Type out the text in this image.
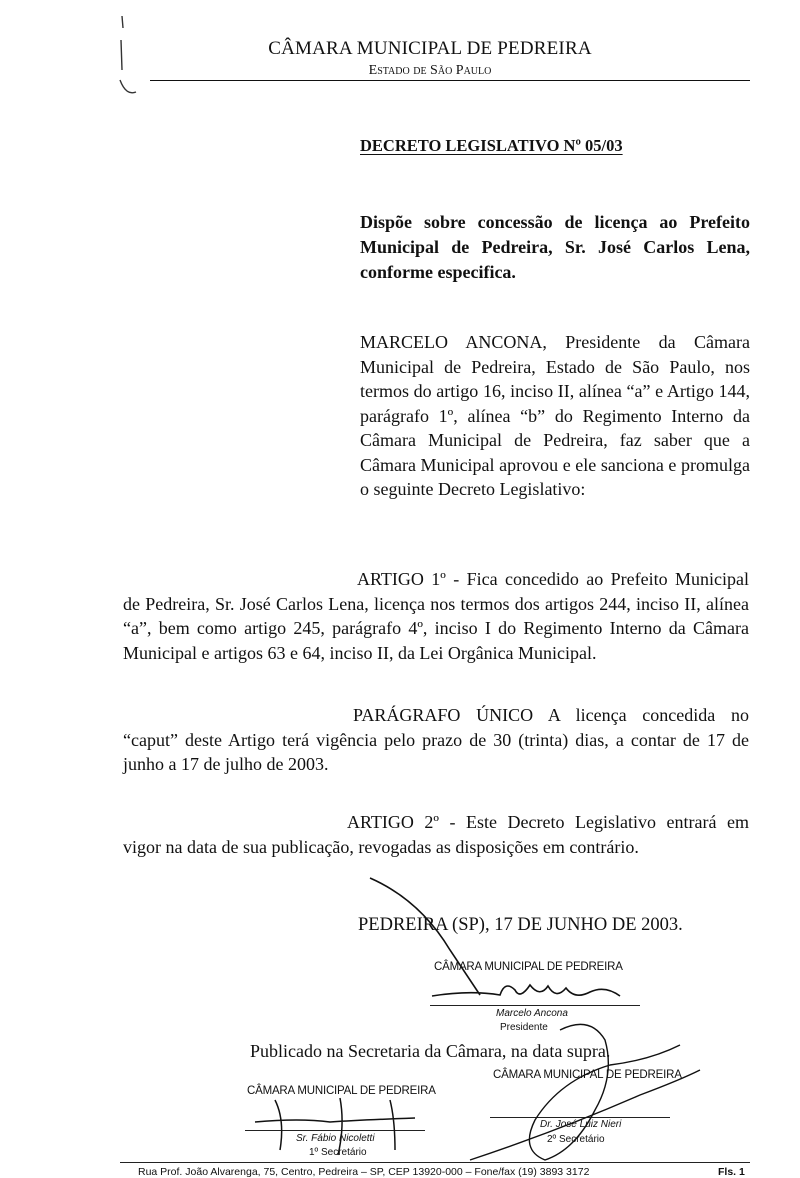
CÂMARA MUNICIPAL DE PEDREIRA
Estado de São Paulo
DECRETO LEGISLATIVO Nº 05/03
Dispõe sobre concessão de licença ao Prefeito Municipal de Pedreira, Sr. José Carlos Lena, conforme especifica.
MARCELO ANCONA, Presidente da Câmara Municipal de Pedreira, Estado de São Paulo, nos termos do artigo 16, inciso II, alínea “a” e Artigo 144, parágrafo 1º, alínea “b” do Regimento Interno da Câmara Municipal de Pedreira, faz saber que a Câmara Municipal aprovou e ele sanciona e promulga o seguinte Decreto Legislativo:
ARTIGO 1º - Fica concedido ao Prefeito Municipal de Pedreira, Sr. José Carlos Lena, licença nos termos dos artigos 244, inciso II, alínea “a”, bem como artigo 245, parágrafo 4º, inciso I do Regimento Interno da Câmara Municipal e artigos 63 e 64, inciso II, da Lei Orgânica Municipal.
PARÁGRAFO ÚNICO A licença concedida no “caput” deste Artigo terá vigência pelo prazo de 30 (trinta) dias, a contar de 17 de junho a 17 de julho de 2003.
ARTIGO 2º - Este Decreto Legislativo entrará em vigor na data de sua publicação, revogadas as disposições em contrário.
PEDREIRA (SP), 17 DE JUNHO DE 2003.
CÂMARA MUNICIPAL DE PEDREIRA
Marcelo Ancona
Presidente
Publicado na Secretaria da Câmara, na data supra.
CÂMARA MUNICIPAL DE PEDREIRA
Sr. Fábio Nicoletti
1º Secretário
CÂMARA MUNICIPAL DE PEDREIRA
Dr. José Luiz Nieri
2º Secretário
Rua Prof. João Alvarenga, 75, Centro, Pedreira – SP, CEP 13920-000 – Fone/fax (19) 3893 3172	Fls. 1
